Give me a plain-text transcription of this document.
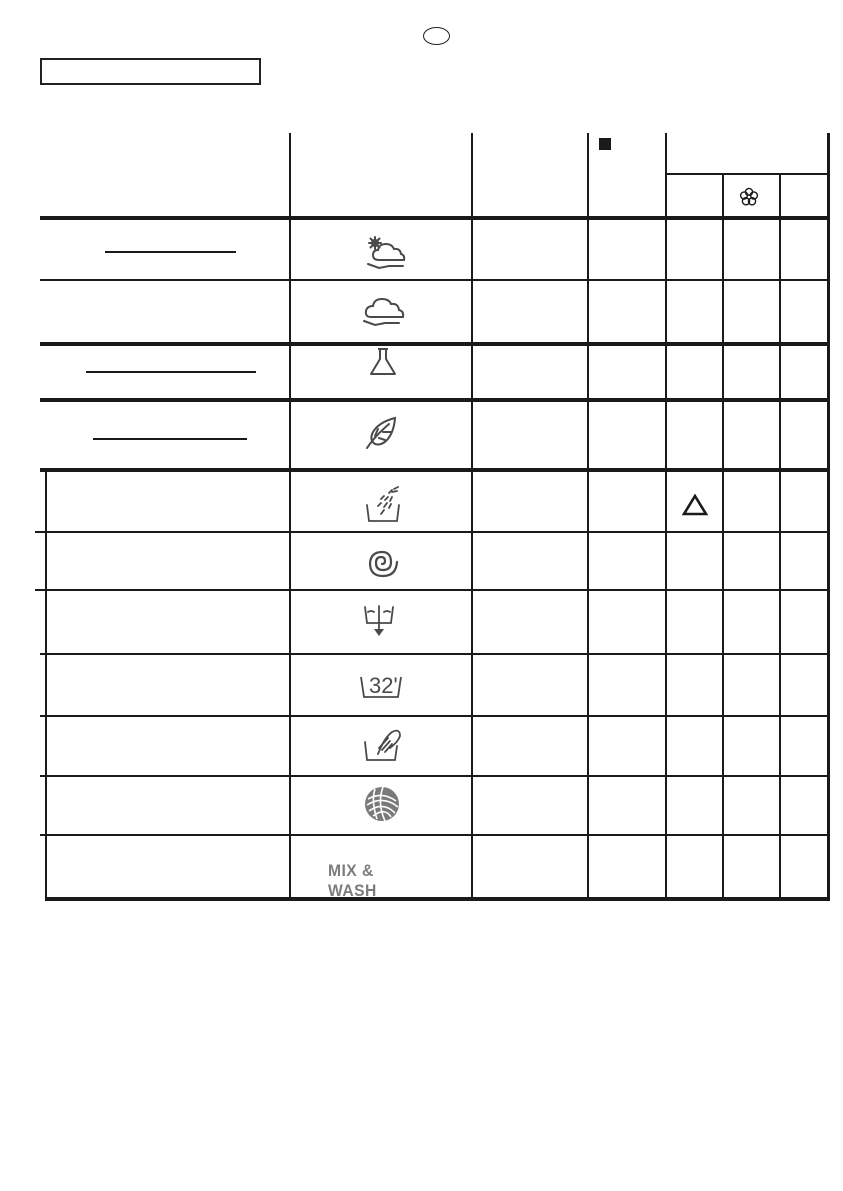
32'
MIX & WASH
